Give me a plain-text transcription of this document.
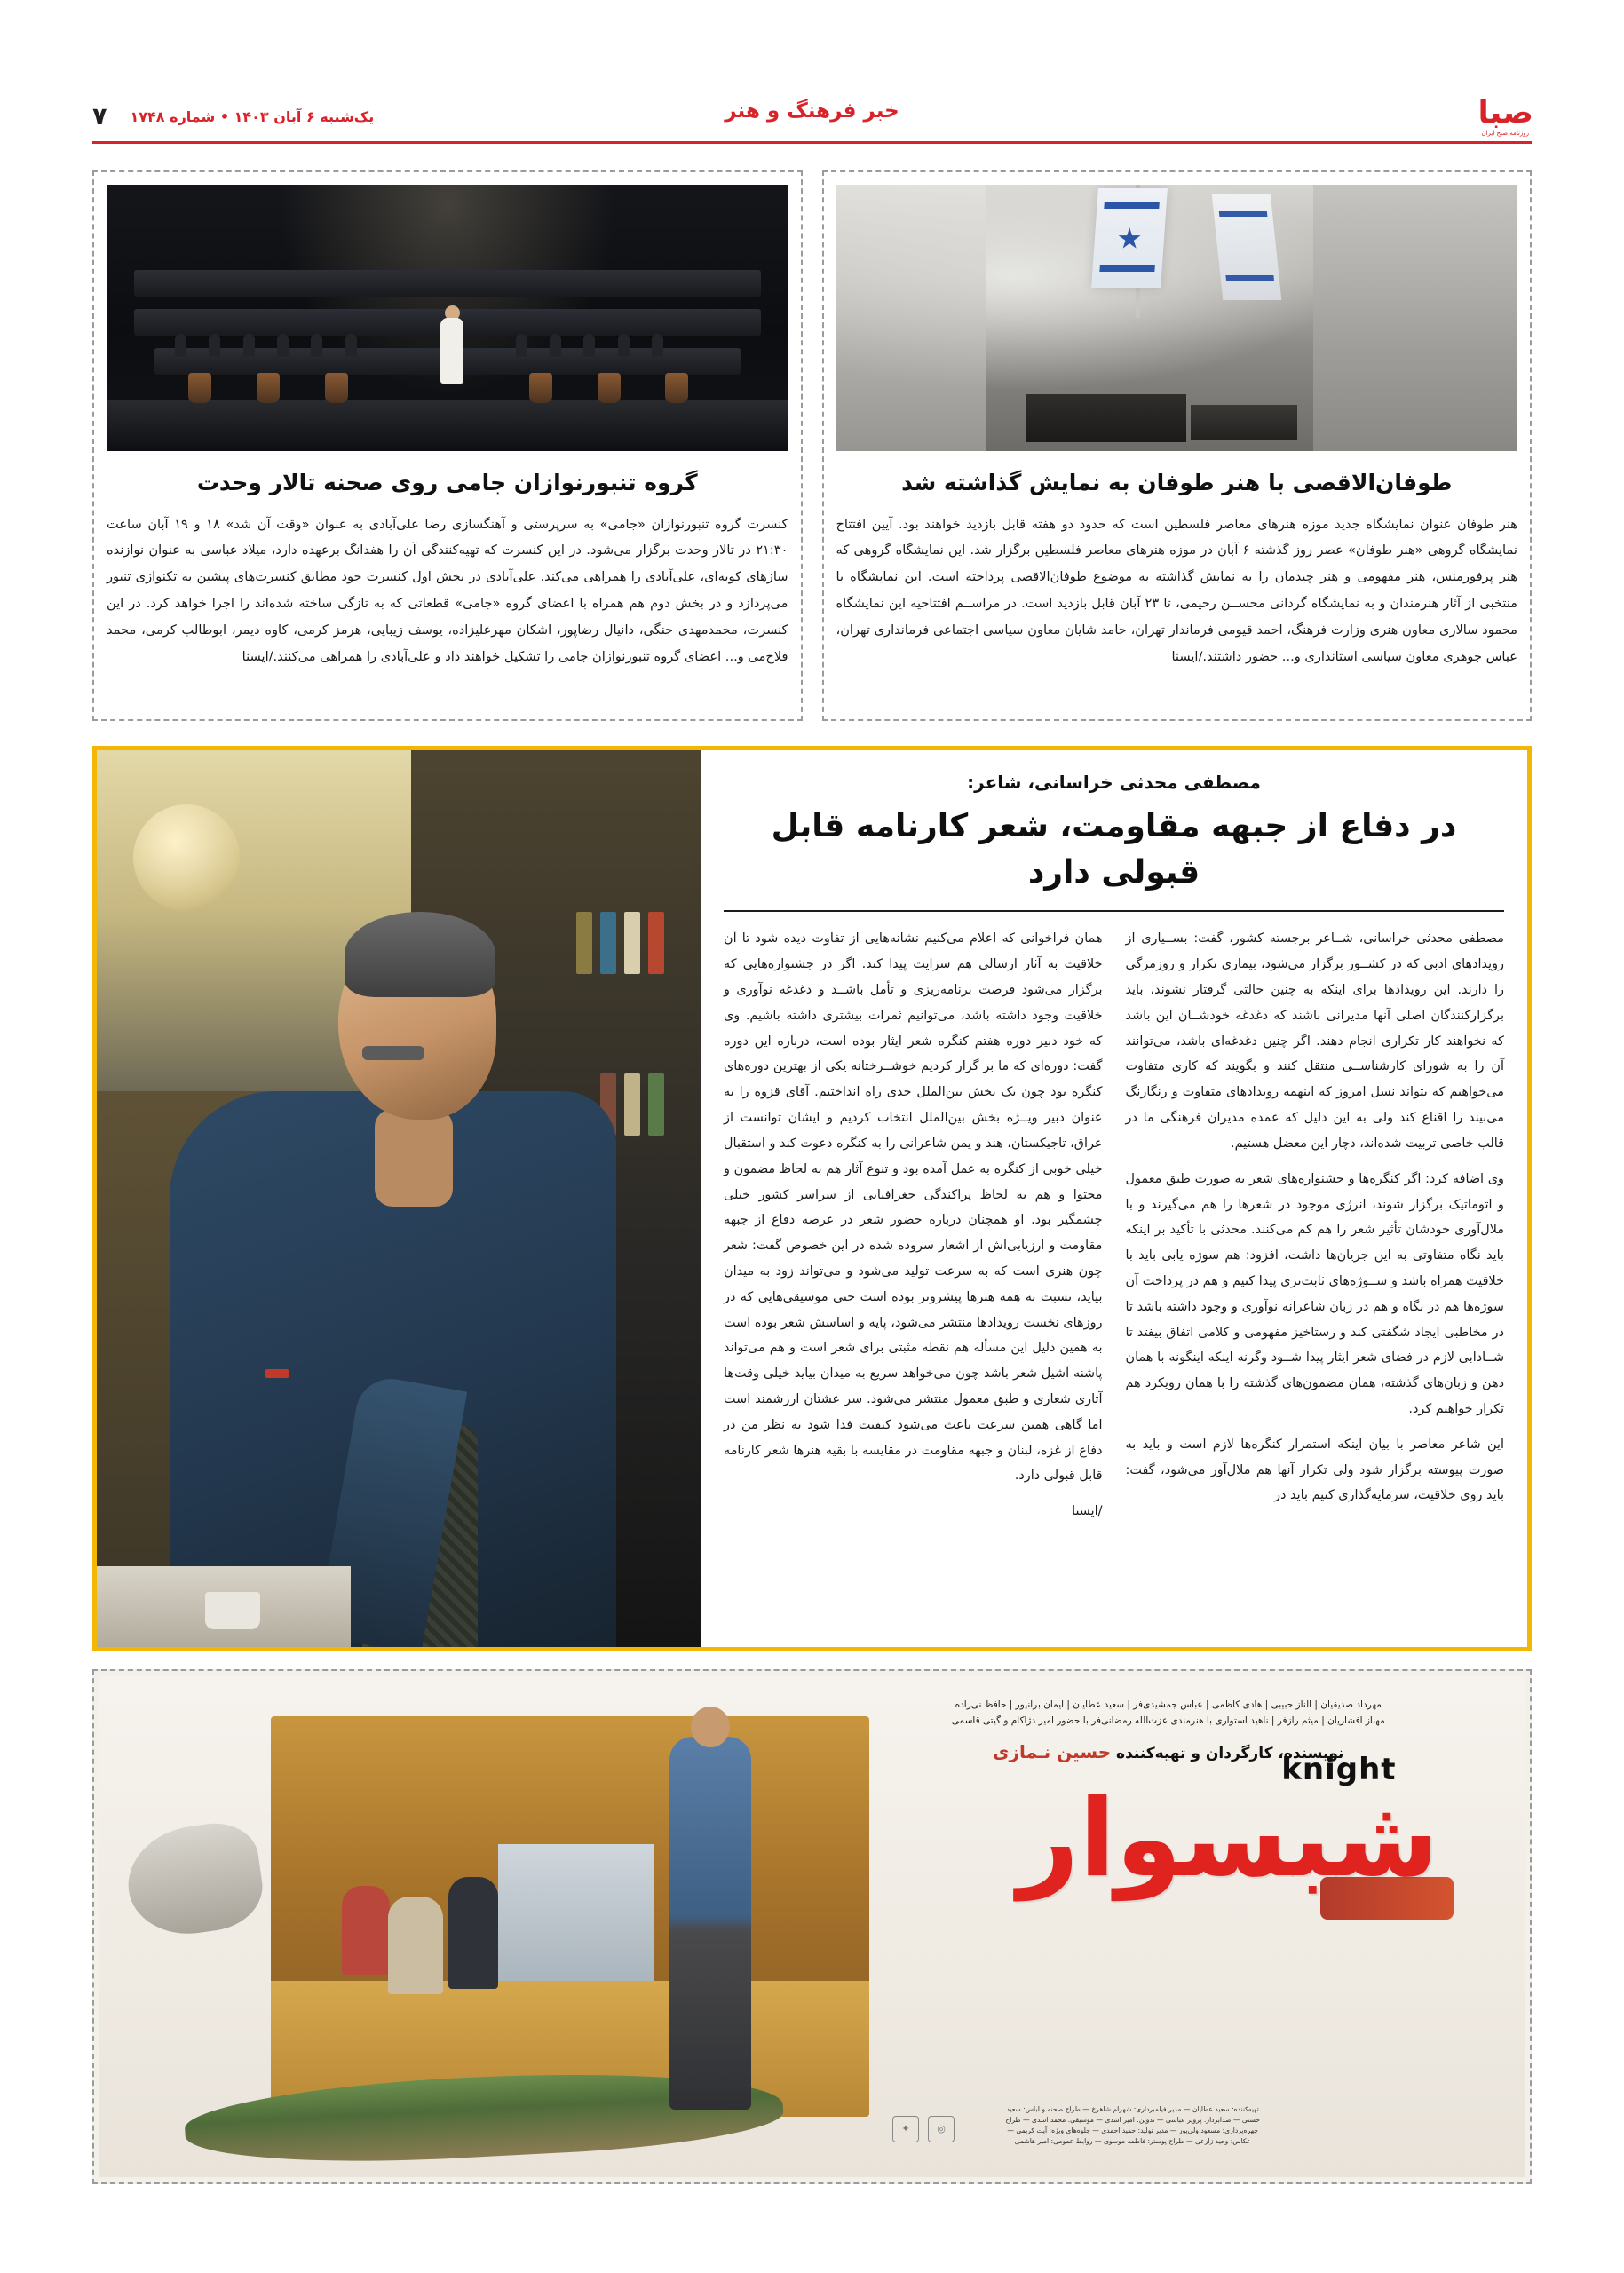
صبا
روزنامه صبح ایران
خبر فرهنگ و هنر
یک‌شنبه ۶ آبان ۱۴۰۳ • شماره ۱۷۴۸
۷
طوفان‌الاقصی با هنر طوفان به نمایش گذاشته شد
هنر طوفان عنوان نمایشگاه جدید موزه هنرهای معاصر فلسطین است که حدود دو هفته قابل بازدید خواهند بود. آیین افتتاح نمایشگاه گروهی «هنر طوفان» عصر روز گذشته ۶ آبان در موزه هنرهای معاصر فلسطین برگزار شد. این نمایشگاه گروهی که هنر پرفورمنس، هنر مفهومی و هنر چیدمان را به نمایش گذاشته به موضوع طوفان‌الاقصی پرداخته است. این نمایشگاه با منتخبی از آثار هنرمندان و به نمایشگاه گردانی محســن رحیمی، تا ۲۳ آبان قابل بازدید است. در مراســم افتتاحیه این نمایشگاه محمود سالاری معاون هنری وزارت فرهنگ، احمد قیومی فرماندار تهران، حامد شایان معاون سیاسی اجتماعی فرمانداری تهران، عباس جوهری معاون سیاسی استانداری و... حضور داشتند./ایسنا
گروه تنبورنوازان جامی روی صحنه تالار وحدت
کنسرت گروه تنبورنوازان «جامی» به سرپرستی و آهنگسازی رضا علی‌آبادی به عنوان «وقت آن شد» ۱۸ و ۱۹ آبان ساعت ۲۱:۳۰ در تالار وحدت برگزار می‌شود. در این کنسرت که تهیه‌کنندگی آن را هفدانگ برعهده دارد، میلاد عباسی به عنوان نوازنده سازهای کوبه‌ای، علی‌آبادی را همراهی می‌کند. علی‌آبادی در بخش اول کنسرت خود مطابق کنسرت‌های پیشین به تکنوازی تنبور می‌پردازد و در بخش دوم هم همراه با اعضای گروه «جامی» قطعاتی که به تازگی ساخته شده‌اند را اجرا خواهد کرد. در این کنسرت، محمدمهدی جنگی، دانیال رضاپور، اشکان مهرعلیزاده، یوسف زیبایی، هرمز کرمی، کاوه دیمر، ابوطالب کرمی، محمد فلاح‌می و... اعضای گروه تنبورنوازان جامی را تشکیل خواهند داد و علی‌آبادی را همراهی می‌کنند./ایسنا
مصطفی محدثی خراسانی، شاعر:
در دفاع از جبهه مقاومت، شعر کارنامه قابل قبولی دارد

مصطفی محدثی خراسانی، شــاعر برجسته کشور، گفت: بســیاری از رویدادهای ادبی که در کشــور برگزار می‌شود، بیماری تکرار و روزمرگی را دارند. این رویدادها برای اینکه به چنین حالتی گرفتار نشوند، باید برگزارکنندگان اصلی آنها مدیرانی باشند که دغدغه خودشــان این باشد که نخواهند کار تکراری انجام دهند. اگر چنین دغدغه‌ای باشد، می‌توانند آن را به شورای کارشناســی منتقل کنند و بگویند که کاری متفاوت می‌خواهیم که بتواند نسل امروز که اینهمه رویدادهای متفاوت و رنگارنگ می‌بیند را اقناع کند ولی به این دلیل که عمده مدیران فرهنگی ما در قالب خاصی تربیت شده‌اند، دچار این معضل هستیم.

وی اضافه کرد: اگر کنگره‌ها و جشنواره‌های شعر به صورت طبق معمول و اتوماتیک برگزار شوند، انرژی موجود در شعرها را هم می‌گیرند و با ملال‌آوری خودشان تأثیر شعر را هم کم می‌کنند. محدثی با تأکید بر اینکه باید نگاه متفاوتی به این جریان‌ها داشت، افزود: هم سوژه یابی باید با خلاقیت همراه باشد و ســوژه‌های ثابت‌تری پیدا کنیم و هم در پرداخت آن سوژه‌ها هم در نگاه و هم در زبان شاعرانه نوآوری و وجود داشته باشد تا در مخاطبی ایجاد شگفتی کند و رستاخیز مفهومی و کلامی اتفاق بیفتد تا شــادابی لازم در فضای شعر ایثار پیدا شــود وگرنه اینکه اینگونه با همان ذهن و زبان‌های گذشته، همان مضمون‌های گذشته را با همان رویکرد هم تکرار خواهیم کرد.

این شاعر معاصر با بیان اینکه استمرار کنگره‌ها لازم است و باید به صورت پیوسته برگزار شود ولی تکرار آنها هم ملال‌آور می‌شود، گفت: باید روی خلاقیت، سرمایه‌گذاری کنیم باید در

همان فراخوانی که اعلام می‌کنیم نشانه‌هایی از تفاوت دیده شود تا آن خلاقیت به آثار ارسالی هم سرایت پیدا کند. اگر در جشنواره‌هایی که برگزار می‌شود فرصت برنامه‌ریزی و تأمل باشــد و دغدغه نوآوری و خلاقیت وجود داشته باشد، می‌توانیم ثمرات بیشتری داشته باشیم. وی که خود دبیر دوره هفتم کنگره شعر ایثار بوده است، درباره این دوره گفت: دوره‌ای که ما بر گزار کردیم خوشــرختانه یکی از بهترین دوره‌های کنگره بود چون یک بخش بین‌الملل جدی راه انداختیم. آقای قزوه را به عنوان دبیر ویــژه بخش بین‌الملل انتخاب کردیم و ایشان توانست از عراق، تاجیکستان، هند و یمن شاعرانی را به کنگره دعوت کند و استقبال خیلی خوبی از کنگره به عمل آمده بود و تنوع آثار هم به لحاظ مضمون و محتوا و هم به لحاظ پراکندگی جغرافیایی از سراسر کشور خیلی چشمگیر بود. او همچنان درباره حضور شعر در عرصه دفاع از جبهه مقاومت و ارزیابی‌اش از اشعار سروده شده در این خصوص گفت: شعر چون هنری است که به سرعت تولید می‌شود و می‌تواند زود به میدان بیاید، نسبت به همه هنرها پیشروتر بوده است حتی موسیقی‌هایی که در روزهای نخست رویدادها منتشر می‌شود، پایه و اساسش شعر بوده است به همین دلیل این مسأله هم نقطه مثبتی برای شعر است و هم می‌تواند پاشنه آشیل شعر باشد چون می‌خواهد سریع به میدان بیاید خیلی وقت‌ها آثاری شعاری و طبق معمول منتشر می‌شود. سر عشتان ارزشمند است اما گاهی همین سرعت باعث می‌شود کیفیت فدا شود به نظر من در دفاع از غزه، لبنان و جبهه مقاومت در مقایسه با بقیه هنرها شعر کارنامه قابل قبولی دارد.

/ایسنا

مهرداد صدیقیان | الناز حبیبی | هادی کاظمی | عباس جمشیدی‌فر | سعید عطایان | ایمان برانپور | حافظ نی‌زاده
مهناز افشاریان | میثم رازفر | ناهید استواری با هنرمندی عزت‌الله رمضانی‌فر با حضور امیر دژاکام و گیتی قاسمی
نویسنده، کارگردان و تهیه‌کننده حسین نـمازی	knight
شبسوار
تهیه‌کننده: سعید عطایان — مدیر فیلمبرداری: شهرام شاهرخ — طراح صحنه و لباس: سعید حسنی — صدابردار: پرویز عباسی — تدوین: امیر اسدی — موسیقی: محمد اسدی — طراح چهره‌پردازی: مسعود ولی‌پور — مدیر تولید: حمید احمدی — جلوه‌های ویژه: آیت کریمی — عکاس: وحید زارعی — طراح پوستر: فاطمه موسوی — روابط عمومی: امیر هاشمی
◎
✦
